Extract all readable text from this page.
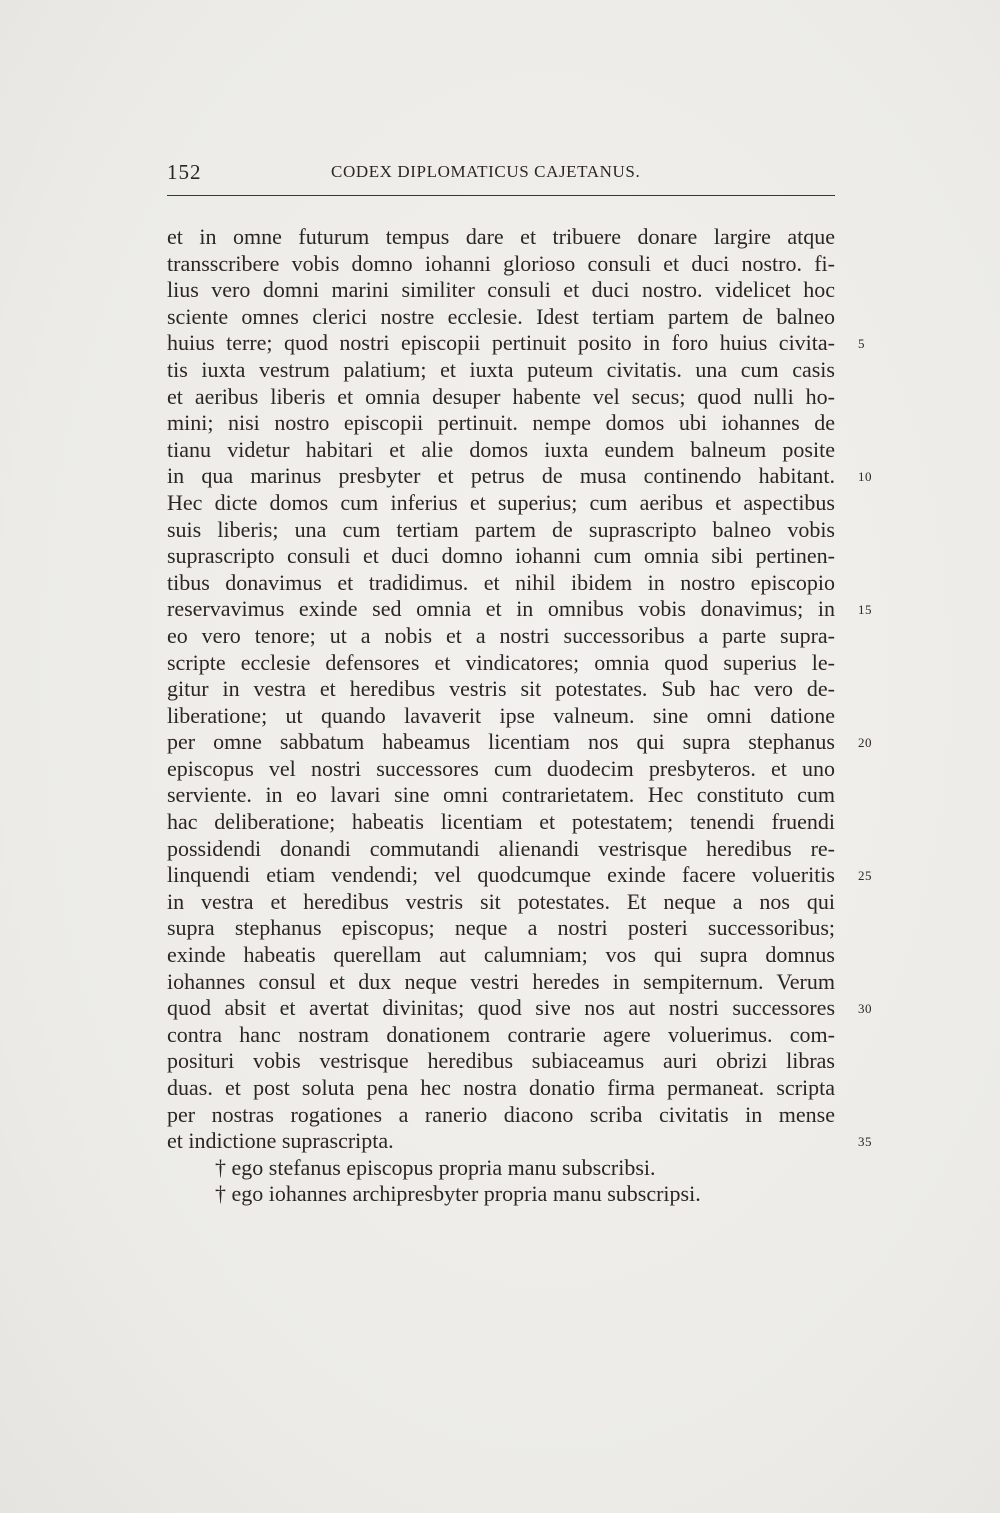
152	CODEX DIPLOMATICUS CAJETANUS.
et in omne futurum tempus dare et tribuere donare largire atque
transscribere vobis domno iohanni glorioso consuli et duci nostro. fi-
lius vero domni marini similiter consuli et duci nostro. videlicet hoc
sciente omnes clerici nostre ecclesie. Idest tertiam partem de balneo
huius terre; quod nostri episcopii pertinuit posito in foro huius civita-
tis iuxta vestrum palatium; et iuxta puteum civitatis. una cum casis
et aeribus liberis et omnia desuper habente vel secus; quod nulli ho-
mini; nisi nostro episcopii pertinuit. nempe domos ubi iohannes de
tianu videtur habitari et alie domos iuxta eundem balneum posite
in qua marinus presbyter et petrus de musa continendo habitant.
Hec dicte domos cum inferius et superius; cum aeribus et aspectibus
suis liberis; una cum tertiam partem de suprascripto balneo vobis
suprascripto consuli et duci domno iohanni cum omnia sibi pertinen-
tibus donavimus et tradidimus. et nihil ibidem in nostro episcopio
reservavimus exinde sed omnia et in omnibus vobis donavimus; in
eo vero tenore; ut a nobis et a nostri successoribus a parte supra-
scripte ecclesie defensores et vindicatores; omnia quod superius le-
gitur in vestra et heredibus vestris sit potestates. Sub hac vero de-
liberatione; ut quando lavaverit ipse valneum. sine omni datione
per omne sabbatum habeamus licentiam nos qui supra stephanus
episcopus vel nostri successores cum duodecim presbyteros. et uno
serviente. in eo lavari sine omni contrarietatem. Hec constituto cum
hac deliberatione; habeatis licentiam et potestatem; tenendi fruendi
possidendi donandi commutandi alienandi vestrisque heredibus re-
linquendi etiam vendendi; vel quodcumque exinde facere volueritis
in vestra et heredibus vestris sit potestates. Et neque a nos qui
supra stephanus episcopus; neque a nostri posteri successoribus;
exinde habeatis querellam aut calumniam; vos qui supra domnus
iohannes consul et dux neque vestri heredes in sempiternum. Verum
quod absit et avertat divinitas; quod sive nos aut nostri successores
contra hanc nostram donationem contrarie agere voluerimus. com-
posituri vobis vestrisque heredibus subiaceamus auri obrizi libras
duas. et post soluta pena hec nostra donatio firma permaneat. scripta
per nostras rogationes a ranerio diacono scriba civitatis in mense
et indictione suprascripta.
† ego stefanus episcopus propria manu subscribsi.
† ego iohannes archipresbyter propria manu subscripsi.
5
10
15
20
25
30
35
